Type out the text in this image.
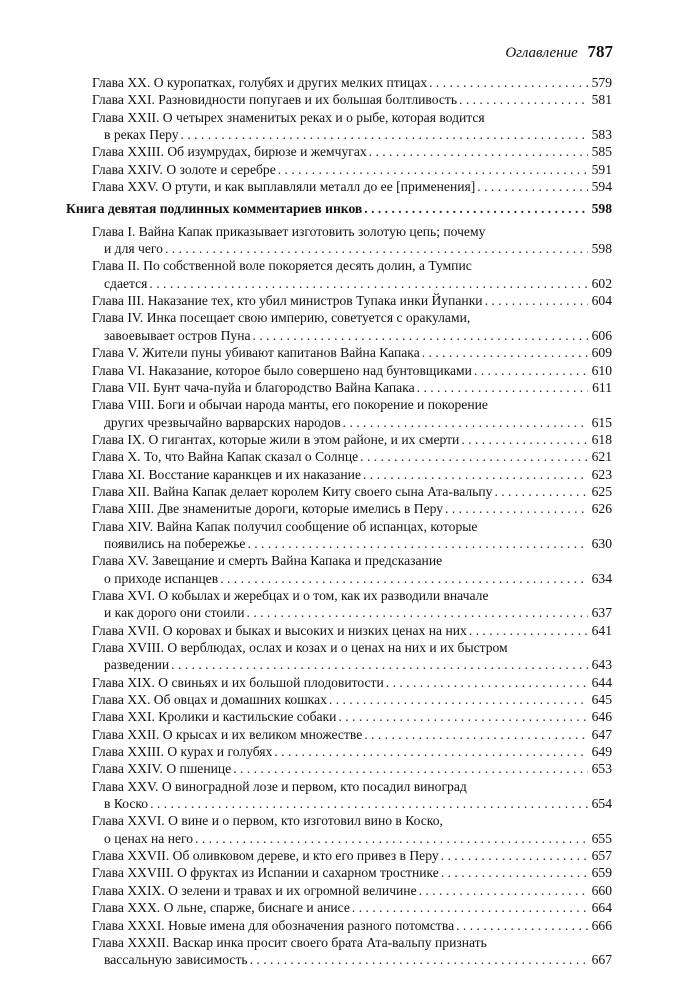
Оглавление 787
Глава XX. О куропатках, голубях и других мелких птицах . . .	579
Глава XXI. Разновидности попугаев и их большая болтливость . . .	581
Глава XXII. О четырех знаменитых реках и о рыбе, которая водится
в реках Перу . . .	583
Глава XXIII. Об изумрудах, бирюзе и жемчугах . . .	585
Глава XXIV. О золоте и серебре . . .	591
Глава XXV. О ртути, и как выплавляли металл до ее [применения] . . .	594
Книга девятая подлинных комментариев инков . . .	598
Глава I. Вайна Капак приказывает изготовить золотую цепь; почему
и для чего . . .	598
Глава II. По собственной воле покоряется десять долин, а Тумпис
сдается . . .	602
Глава III. Наказание тех, кто убил министров Тупака инки Йупанки . . .	604
Глава IV. Инка посещает свою империю, советуется с оракулами,
завоевывает остров Пуна . . .	606
Глава V. Жители пуны убивают капитанов Вайна Капака . . .	609
Глава VI. Наказание, которое было совершено над бунтовщиками . . .	610
Глава VII. Бунт чача-пуйа и благородство Вайна Капака . . .	611
Глава VIII. Боги и обычаи народа манты, его покорение и покорение
других чрезвычайно варварских народов . . .	615
Глава IX. О гигантах, которые жили в этом районе, и их смерти . . .	618
Глава X. То, что Вайна Капак сказал о Солнце . . .	621
Глава XI. Восстание каранкцев и их наказание . . .	623
Глава XII. Вайна Капак делает королем Киту своего сына Ата-вальпу . . .	625
Глава XIII. Две знаменитые дороги, которые имелись в Перу . . .	626
Глава XIV. Вайна Капак получил сообщение об испанцах, которые
появились на побережье . . .	630
Глава XV. Завещание и смерть Вайна Капака и предсказание
о приходе испанцев . . .	634
Глава XVI. О кобылах и жеребцах и о том, как их разводили вначале
и как дорого они стоили . . .	637
Глава XVII. О коровах и быках и высоких и низких ценах на них . . .	641
Глава XVIII. О верблюдах, ослах и козах и о ценах на них и их быстром
разведении . . .	643
Глава XIX. О свиньях и их большой плодовитости . . .	644
Глава XX. Об овцах и домашних кошках . . .	645
Глава XXI. Кролики и кастильские собаки . . .	646
Глава XXII. О крысах и их великом множестве . . .	647
Глава XXIII. О курах и голубях . . .	649
Глава XXIV. О пшенице . . .	653
Глава XXV. О виноградной лозе и первом, кто посадил виноград
в Коско . . .	654
Глава XXVI. О вине и о первом, кто изготовил вино в Коско,
о ценах на него . . .	655
Глава XXVII. Об оливковом дереве, и кто его привез в Перу . . .	657
Глава XXVIII. О фруктах из Испании и сахарном тростнике . . .	659
Глава XXIX. О зелени и травах и их огромной величине . . .	660
Глава XXX. О льне, спарже, биснаге и анисе . . .	664
Глава XXXI. Новые имена для обозначения разного потомства . . .	666
Глава XXXII. Васкар инка просит своего брата Ата-вальпу признать
вассальную зависимость . . .	667
